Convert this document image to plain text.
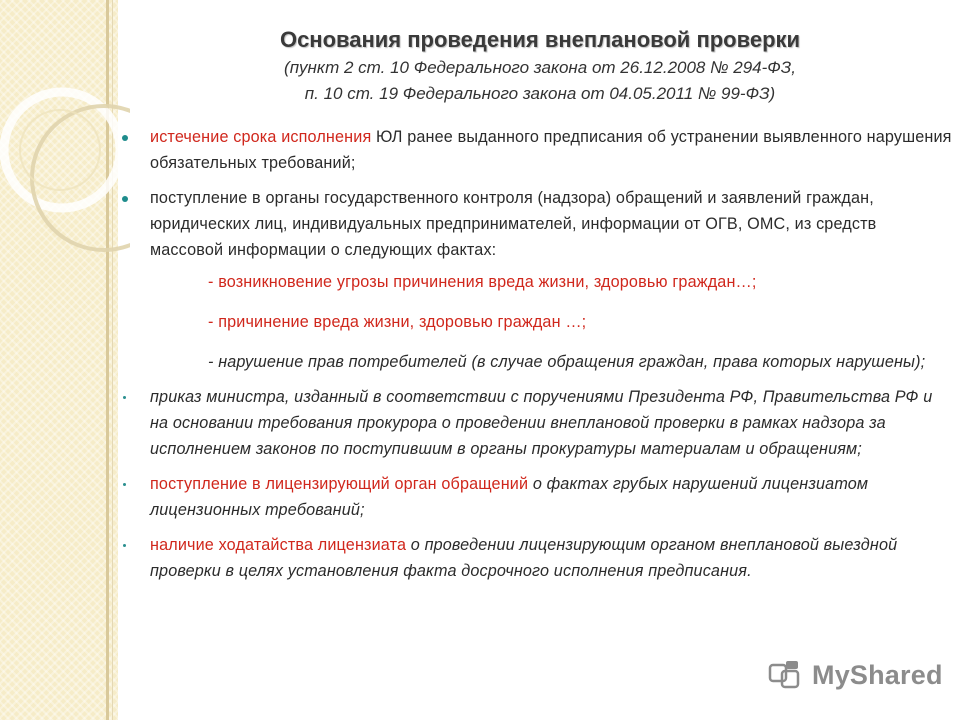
Основания проведения внеплановой проверки
(пункт 2 ст. 10 Федерального закона от 26.12.2008 № 294-ФЗ,
п. 10 ст. 19 Федерального закона от 04.05.2011 № 99-ФЗ)
истечение срока исполнения ЮЛ ранее выданного предписания об устранении выявленного нарушения обязательных требований;
поступление в органы государственного контроля (надзора) обращений и заявлений граждан, юридических лиц, индивидуальных предпринимателей, информации от ОГВ, ОМС, из средств массовой информации о следующих фактах:
- возникновение угрозы причинения вреда жизни, здоровью граждан…;
- причинение вреда жизни, здоровью граждан …;
- нарушение прав потребителей (в случае обращения граждан, права которых нарушены);
приказ министра, изданный в соответствии с поручениями Президента РФ, Правительства РФ и на основании требования прокурора о проведении внеплановой проверки в рамках надзора за исполнением законов по поступившим в органы прокуратуры материалам и обращениям;
поступление в лицензирующий орган обращений о фактах грубых нарушений лицензиатом лицензионных требований;
наличие ходатайства лицензиата о проведении лицензирующим органом внеплановой выездной проверки в целях установления факта досрочного исполнения предписания.
MyShared
